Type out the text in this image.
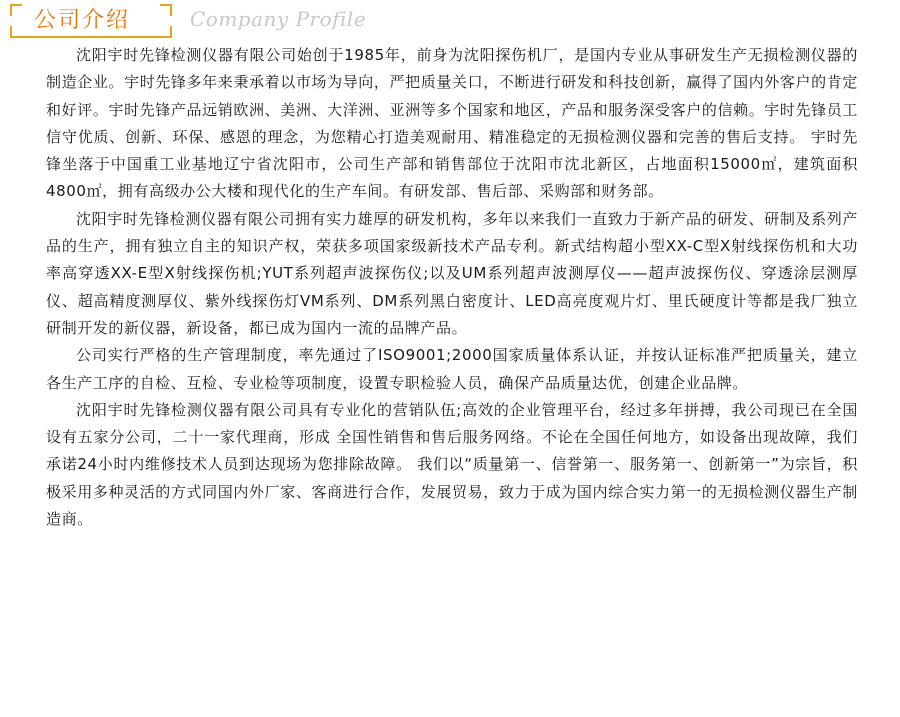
公司介绍	Company Profile

沈阳宇时先锋检测仪器有限公司始创于1985年，前身为沈阳探伤机厂，是国内专业从事研发生产无损检测仪器的制造企业。宇时先锋多年来秉承着以市场为导向，严把质量关口，不断进行研发和科技创新，赢得了国内外客户的肯定和好评。宇时先锋产品远销欧洲、美洲、大洋洲、亚洲等多个国家和地区，产品和服务深受客户的信赖。宇时先锋员工信守优质、创新、环保、感恩的理念，为您精心打造美观耐用、精准稳定的无损检测仪器和完善的售后支持。 宇时先锋坐落于中国重工业基地辽宁省沈阳市，公司生产部和销售部位于沈阳市沈北新区，占地面积15000㎡，建筑面积4800㎡，拥有高级办公大楼和现代化的生产车间。有研发部、售后部、采购部和财务部。

沈阳宇时先锋检测仪器有限公司拥有实力雄厚的研发机构，多年以来我们一直致力于新产品的研发、研制及系列产品的生产，拥有独立自主的知识产权，荣获多项国家级新技术产品专利。新式结构超小型XX-C型X射线探伤机和大功率高穿透XX-E型X射线探伤机;YUT系列超声波探伤仪;以及UM系列超声波测厚仪——超声波探伤仪、穿透涂层测厚仪、超高精度测厚仪、紫外线探伤灯VM系列、DM系列黑白密度计、LED高亮度观片灯、里氏硬度计等都是我厂独立研制开发的新仪器，新设备，都已成为国内一流的品牌产品。

公司实行严格的生产管理制度，率先通过了ISO9001;2000国家质量体系认证，并按认证标准严把质量关，建立各生产工序的自检、互检、专业检等项制度，设置专职检验人员，确保产品质量达优，创建企业品牌。

沈阳宇时先锋检测仪器有限公司具有专业化的营销队伍;高效的企业管理平台，经过多年拼搏，我公司现已在全国设有五家分公司，二十一家代理商，形成 全国性销售和售后服务网络。不论在全国任何地方，如设备出现故障，我们承诺24小时内维修技术人员到达现场为您排除故障。 我们以“质量第一、信誉第一、服务第一、创新第一”为宗旨，积极采用多种灵活的方式同国内外厂家、客商进行合作，发展贸易，致力于成为国内综合实力第一的无损检测仪器生产制造商。
